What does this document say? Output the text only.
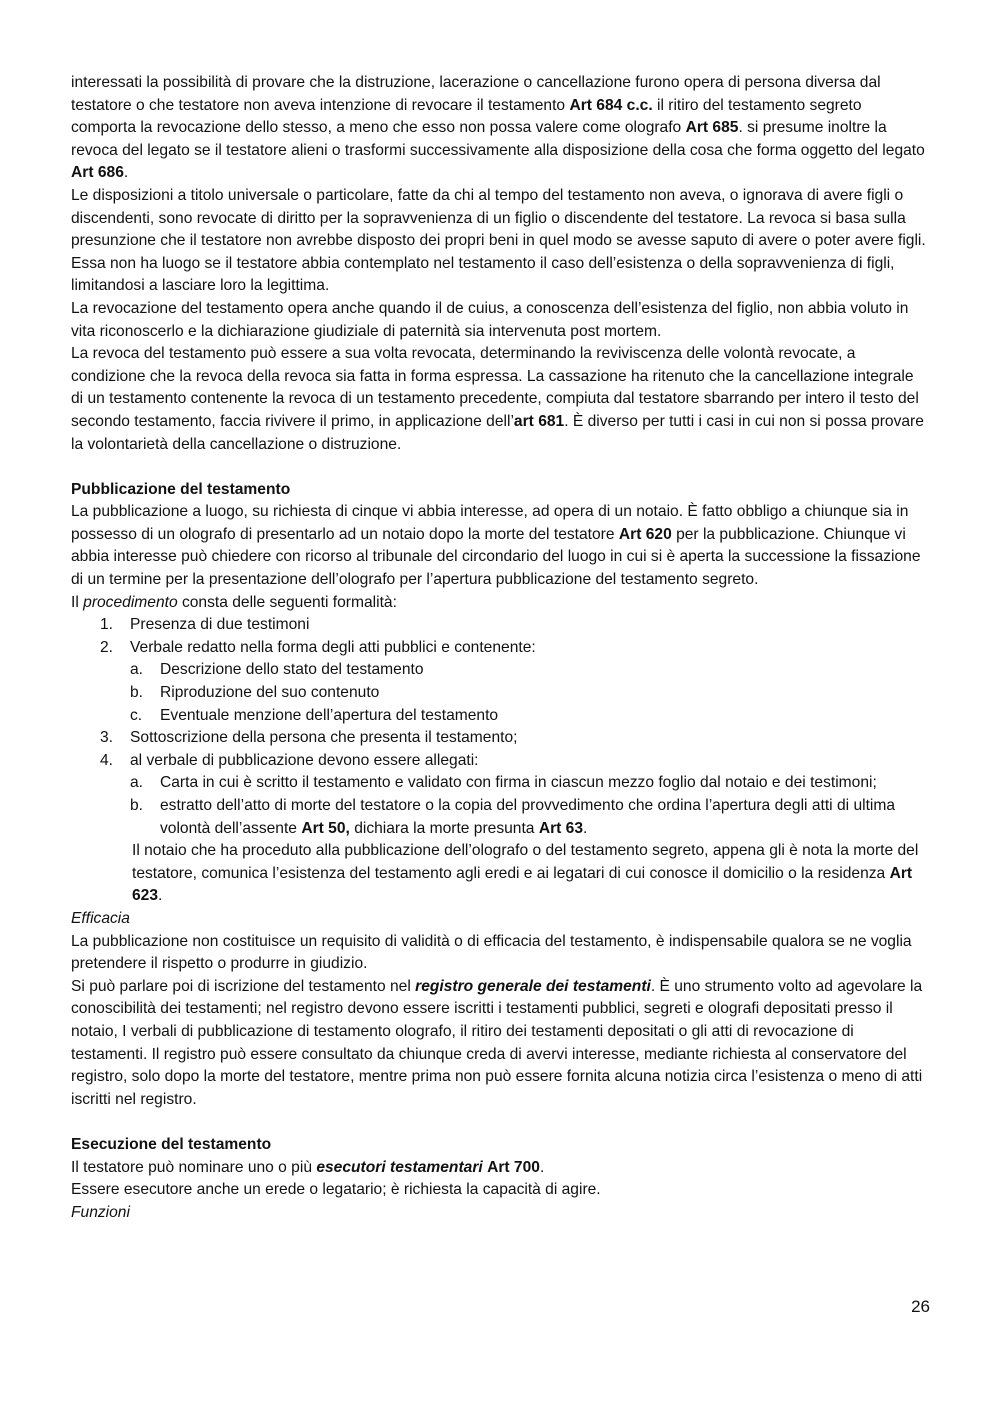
interessati la possibilità di provare che la distruzione, lacerazione o cancellazione furono opera di persona diversa dal testatore o che testatore non aveva intenzione di revocare il testamento Art 684 c.c. il ritiro del testamento segreto comporta la revocazione dello stesso, a meno che esso non possa valere come olografo Art 685. si presume inoltre la revoca del legato se il testatore alieni o trasformi successivamente alla disposizione della cosa che forma oggetto del legato Art 686.

Le disposizioni a titolo universale o particolare, fatte da chi al tempo del testamento non aveva, o ignorava di avere figli o discendenti, sono revocate di diritto per la sopravvenienza di un figlio o discendente del testatore. La revoca si basa sulla presunzione che il testatore non avrebbe disposto dei propri beni in quel modo se avesse saputo di avere o poter avere figli. Essa non ha luogo se il testatore abbia contemplato nel testamento il caso dell’esistenza o della sopravvenienza di figli, limitandosi a lasciare loro la legittima.

La revocazione del testamento opera anche quando il de cuius, a conoscenza dell’esistenza del figlio, non abbia voluto in vita riconoscerlo e la dichiarazione giudiziale di paternità sia intervenuta post mortem.

La revoca del testamento può essere a sua volta revocata, determinando la reviviscenza delle volontà revocate, a condizione che la revoca della revoca sia fatta in forma espressa. La cassazione ha ritenuto che la cancellazione integrale di un testamento contenente la revoca di un testamento precedente, compiuta dal testatore sbarrando per intero il testo del secondo testamento, faccia rivivere il primo, in applicazione dell’art 681. È diverso per tutti i casi in cui non si possa provare la volontarietà della cancellazione o distruzione.

Pubblicazione del testamento

La pubblicazione a luogo, su richiesta di cinque vi abbia interesse, ad opera di un notaio. È fatto obbligo a chiunque sia in possesso di un olografo di presentarlo ad un notaio dopo la morte del testatore Art 620 per la pubblicazione. Chiunque vi abbia interesse può chiedere con ricorso al tribunale del circondario del luogo in cui si è aperta la successione la fissazione di un termine per la presentazione dell’olografo per l’apertura pubblicazione del testamento segreto.

Il procedimento consta delle seguenti formalità:

1.	Presenza di due testimoni
2.	Verbale redatto nella forma degli atti pubblici e contenente:
a.	Descrizione dello stato del testamento
b.	Riproduzione del suo contenuto
c.	Eventuale menzione dell’apertura del testamento
3.	Sottoscrizione della persona che presenta il testamento;
4.	al verbale di pubblicazione devono essere allegati:
a.	Carta in cui è scritto il testamento e validato con firma in ciascun mezzo foglio dal notaio e dei testimoni;
b.	estratto dell’atto di morte del testatore o la copia del provvedimento che ordina l’apertura degli atti di ultima volontà dell’assente Art 50, dichiara la morte presunta Art 63.

Il notaio che ha proceduto alla pubblicazione dell’olografo o del testamento segreto, appena gli è nota la morte del testatore, comunica l’esistenza del testamento agli eredi e ai legatari di cui conosce il domicilio o la residenza Art 623.

Efficacia

La pubblicazione non costituisce un requisito di validità o di efficacia del testamento, è indispensabile qualora se ne voglia pretendere il rispetto o produrre in giudizio.

Si può parlare poi di iscrizione del testamento nel registro generale dei testamenti. È uno strumento volto ad agevolare la conoscibilità dei testamenti; nel registro devono essere iscritti i testamenti pubblici, segreti e olografi depositati presso il notaio, I verbali di pubblicazione di testamento olografo, il ritiro dei testamenti depositati o gli atti di revocazione di testamenti. Il registro può essere consultato da chiunque creda di avervi interesse, mediante richiesta al conservatore del registro, solo dopo la morte del testatore, mentre prima non può essere fornita alcuna notizia circa l’esistenza o meno di atti iscritti nel registro.

Esecuzione del testamento

Il testatore può nominare uno o più esecutori testamentari Art 700.

Essere esecutore anche un erede o legatario; è richiesta la capacità di agire.

Funzioni

26
